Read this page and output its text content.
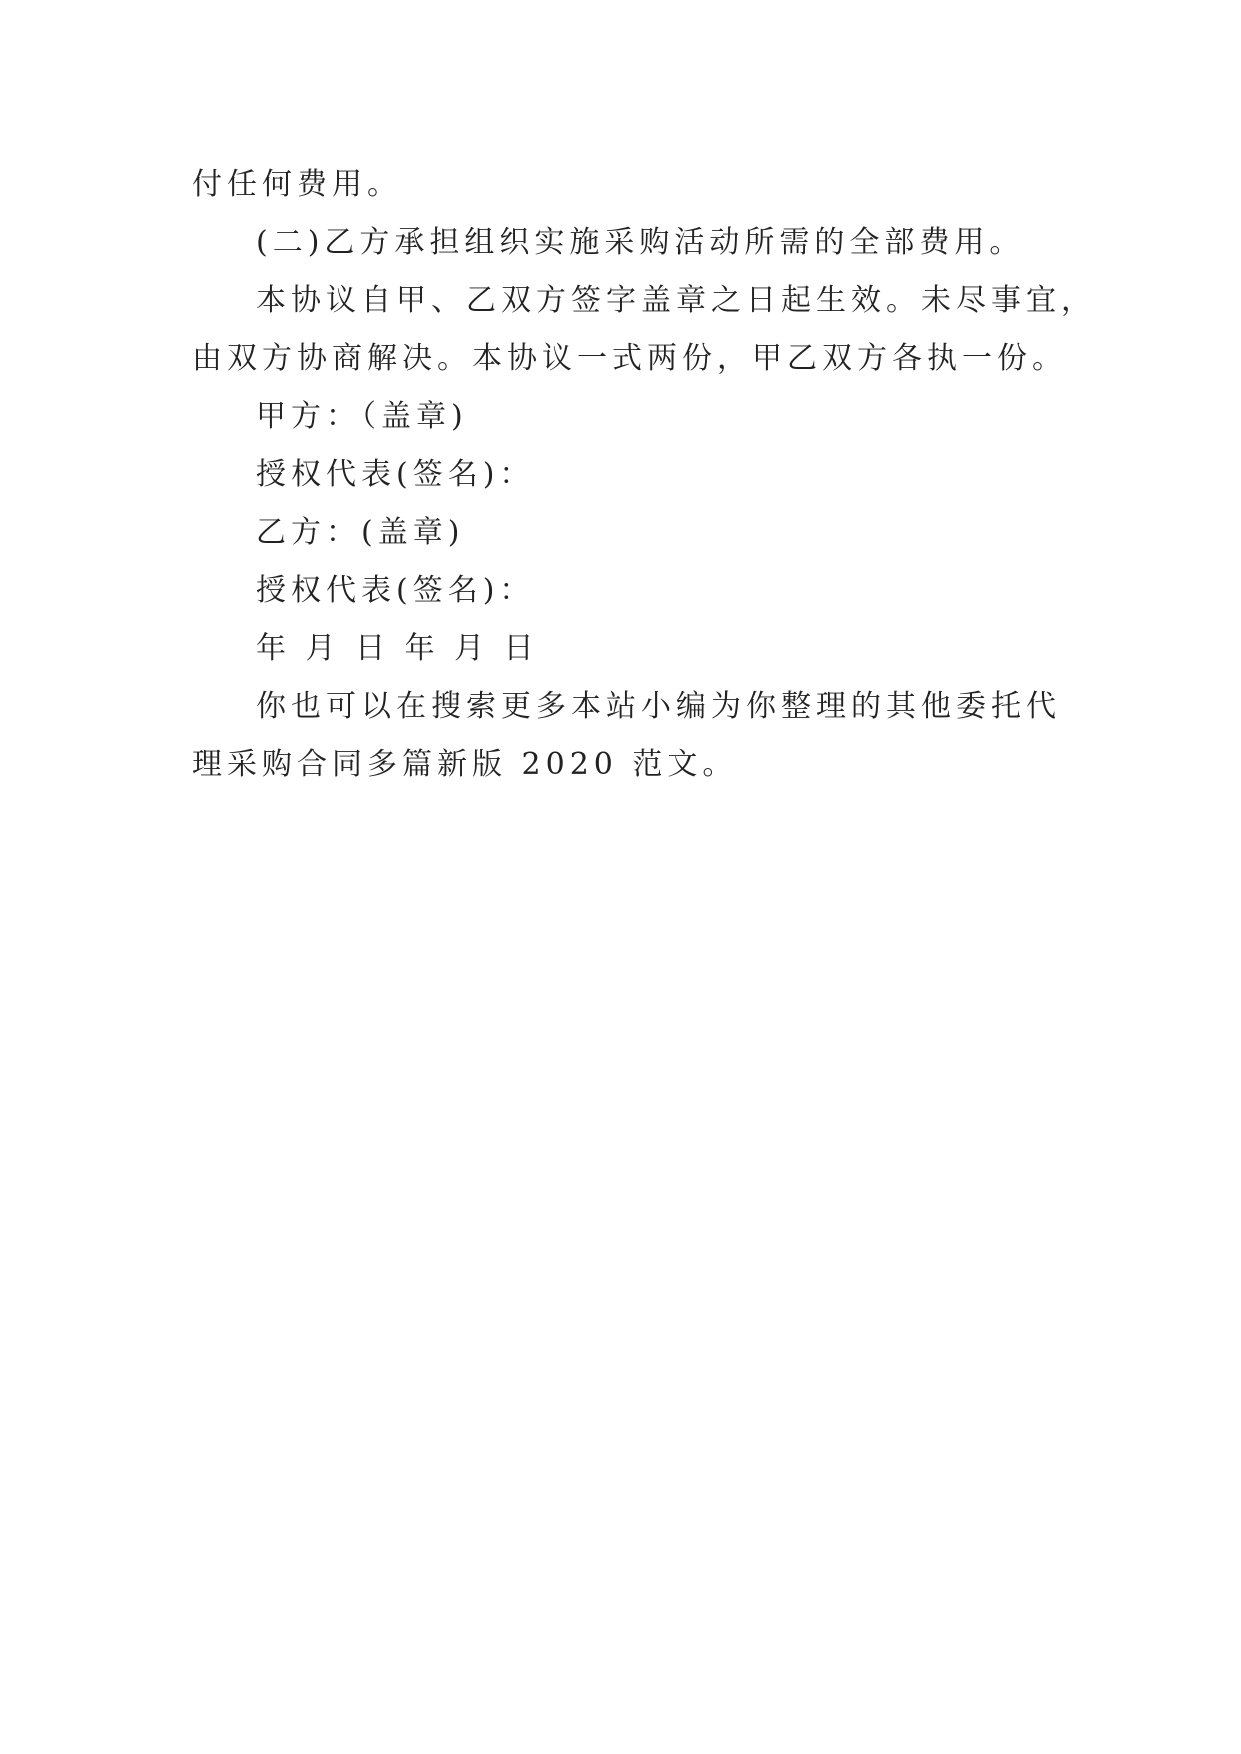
付任何费用。
(二)乙方承担组织实施采购活动所需的全部费用。
本协议自甲、乙双方签字盖章之日起生效。未尽事宜，
由双方协商解决。本协议一式两份，甲乙双方各执一份。
甲方：（盖章)
授权代表(签名)：
乙方：(盖章)
授权代表(签名)：
年 月 日 年 月 日
你也可以在搜索更多本站小编为你整理的其他委托代
理采购合同多篇新版 2020 范文。
